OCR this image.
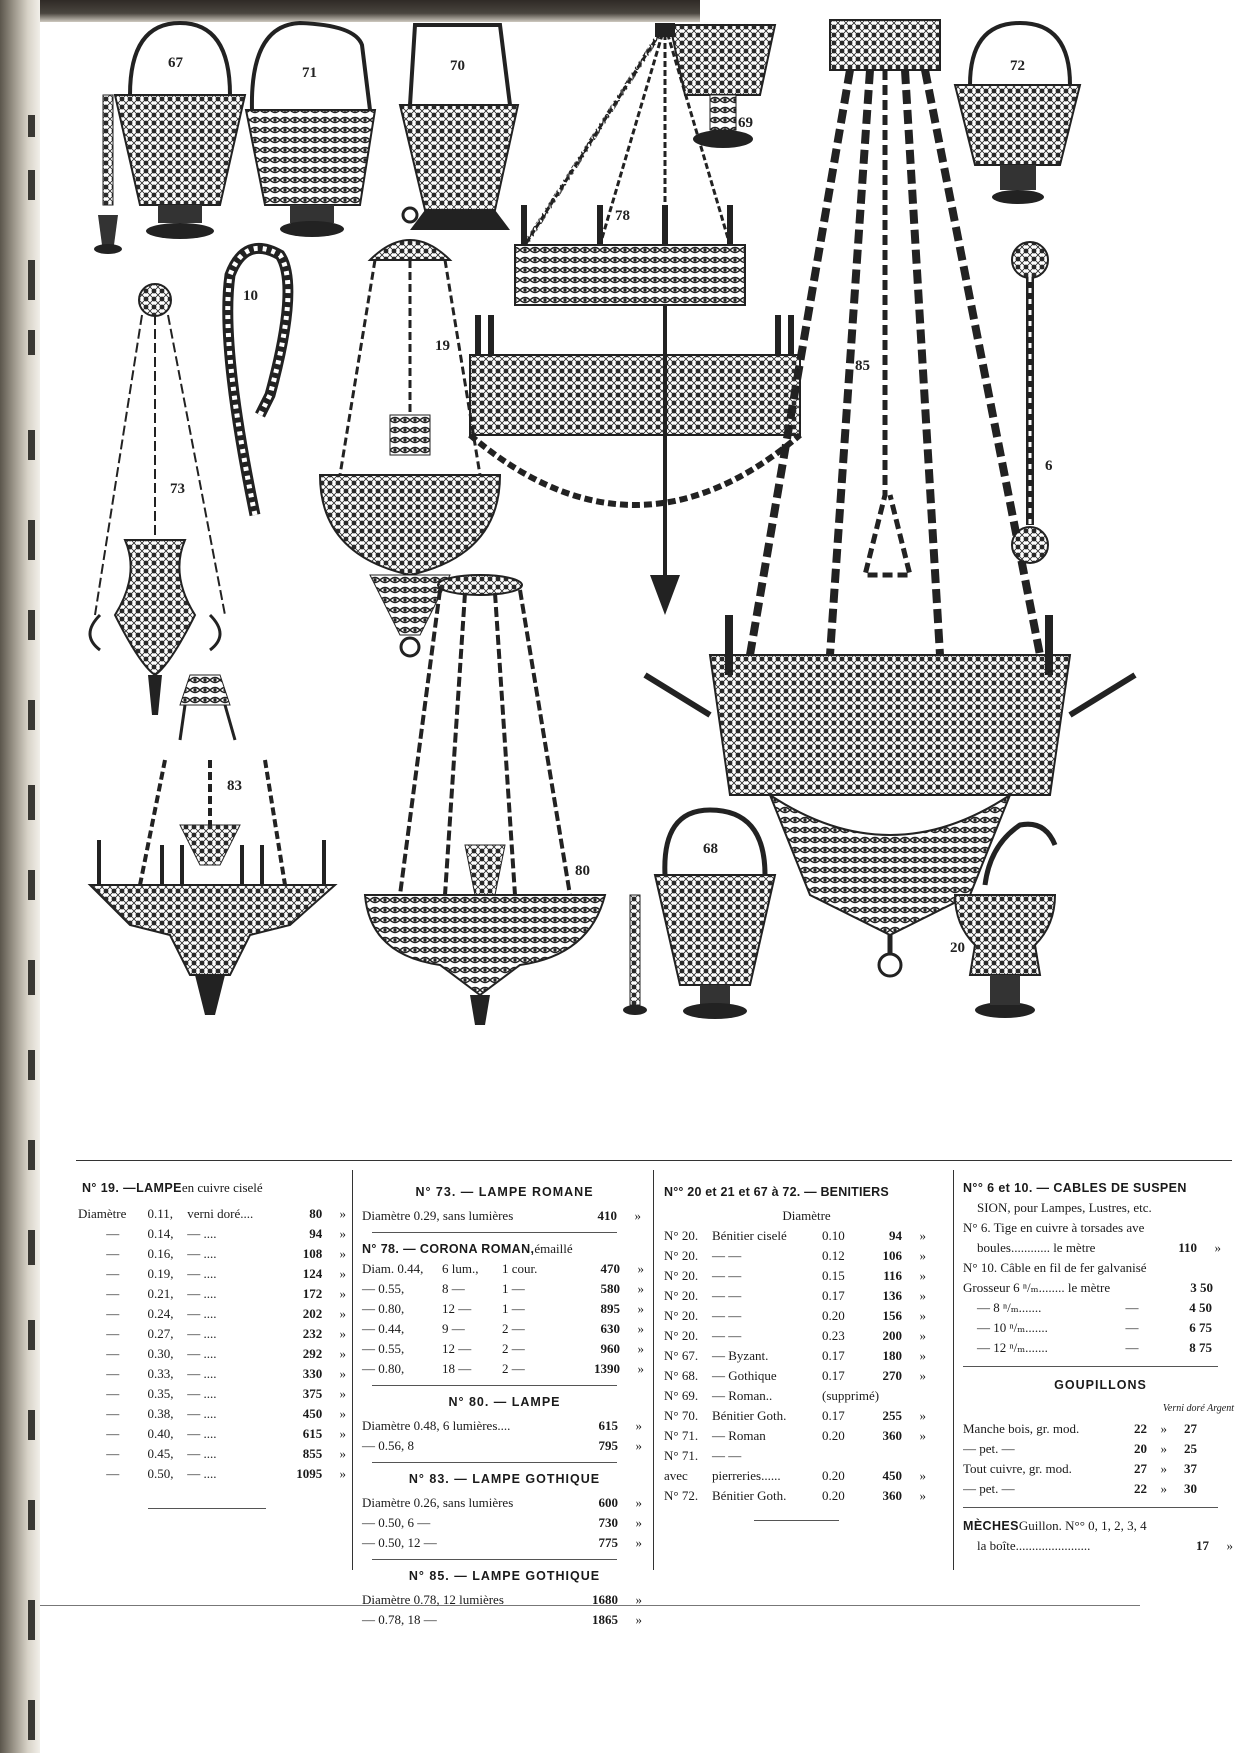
67
71	70
69
72
78
10
19
85
6
73
83
80
68
20
N° 19. — LAMPE en cuivre ciselé
Diamètre	0.11,	verni doré....	80	»
—	0.14,	— ....	94	»
—	0.16,	— ....	108	»
—	0.19,	— ....	124	»
—	0.21,	— ....	172	»
—	0.24,	— ....	202	»
—	0.27,	— ....	232	»
—	0.30,	— ....	292	»
—	0.33,	— ....	330	»
—	0.35,	— ....	375	»
—	0.38,	— ....	450	»
—	0.40,	— ....	615	»
—	0.45,	— ....	855	»
—	0.50,	— ....	1095	»
N° 73. — LAMPE ROMANE
Diamètre 0.29, sans lumières	410	»
N° 78. — CORONA ROMAN, émaillé
Diam. 0.44,	6 lum.,	1 cour.	470	»
— 0.55,	8 —	1 —	580	»
— 0.80,	12 —	1 —	895	»
— 0.44,	9 —	2 —	630	»
— 0.55,	12 —	2 —	960	»
— 0.80,	18 —	2 —	1390	»
N° 80. — LAMPE
Diamètre 0.48, 6 lumières....	615	»
— 0.56, 8	795	»
N° 83. — LAMPE GOTHIQUE
Diamètre 0.26, sans lumières	600	»
— 0.50, 6 —	730	»
— 0.50, 12 —	775	»
N° 85. — LAMPE GOTHIQUE
Diamètre 0.78, 12 lumières	1680	»
— 0.78, 18 —	1865	»
N°° 20 et 21 et 67 à 72. — BENITIERS
Diamètre
N° 20.	Bénitier ciselé	0.10	94	»
N° 20.	— —	0.12	106	»
N° 20.	— —	0.15	116	»
N° 20.	— —	0.17	136	»
N° 20.	— —	0.20	156	»
N° 20.	— —	0.23	200	»
N° 67.	— Byzant.	0.17	180	»
N° 68.	— Gothique	0.17	270	»
N° 69.	— Roman..	(supprimé)
N° 70.	Bénitier Goth.	0.17	255	»
N° 71.	— Roman	0.20	360	»
N° 71.	— —
avec	pierreries......	0.20	450	»
N° 72.	Bénitier Goth.	0.20	360	»
N°° 6 et 10. — CABLES DE SUSPEN
SION, pour Lampes, Lustres, etc.
N° 6. Tige en cuivre à torsades ave
boules............ le mètre	110	»
N° 10. Câble en fil de fer galvanisé
Grosseur 6 ⁿ/ₘ........ le mètre	3 50
— 8 ⁿ/ₘ.......	—	4 50
— 10 ⁿ/ₘ.......	—	6 75
— 12 ⁿ/ₘ.......	—	8 75
GOUPILLONS
Verni doré Argent
Manche bois, gr. mod.	22	»	27
— pet. —	20	»	25
Tout cuivre, gr. mod.	27	»	37
— pet. —	22	»	30
MÈCHES Guillon. N°° 0, 1, 2, 3, 4
la boîte.......................	17	»
